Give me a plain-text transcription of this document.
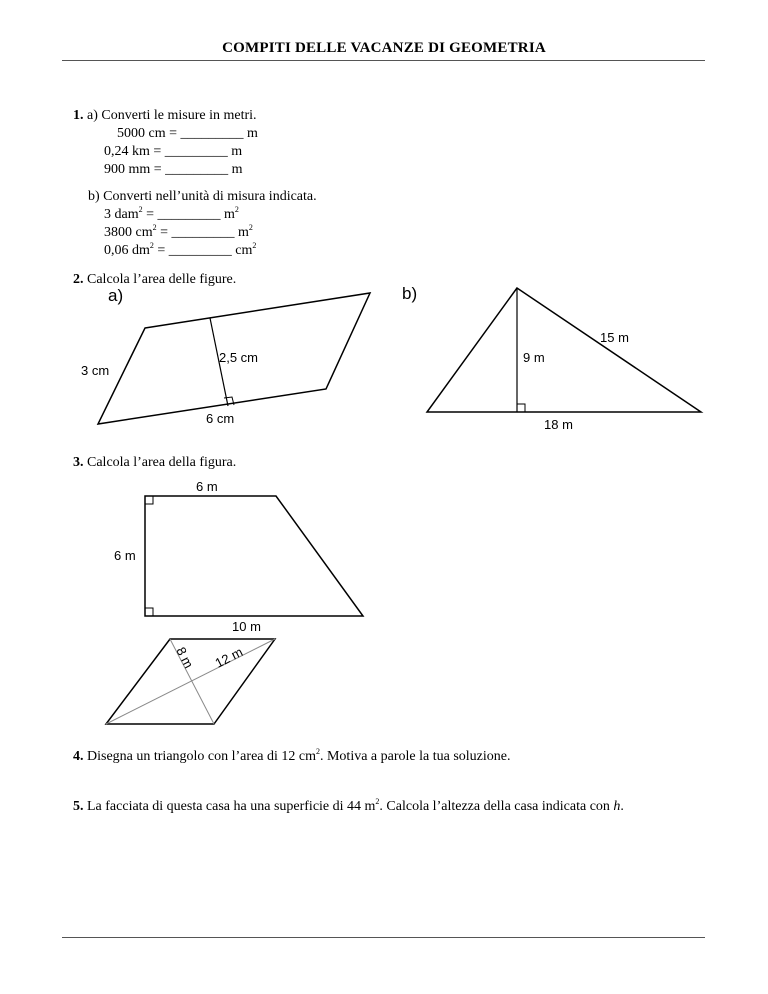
COMPITI DELLE VACANZE DI GEOMETRIA
1. a) Converti le misure in metri.
5000 cm = _________ m
0,24 km = _________ m
900 mm = _________ m
b) Converti nell’unità di misura indicata.
3 dam$^2$ = _________ $m^2$
3800 $cm^2$ = _________ $m^2$
0,06 $dm^2$ = _________ $cm^2$
2. Calcola l’area delle figure.
3. Calcola l’area della figura.
4. Disegna un triangolo con l’area di 12 $cm^2$. Motiva a parole la tua soluzione.
5. La facciata di questa casa ha una superficie di 44 $m^2$. Calcola l’altezza della casa indicata con h.
a)
3 cm
2,5 cm
6 cm
b)
15 m
9 m
18 m
6 m
6 m
10 m
8 m 12 m
